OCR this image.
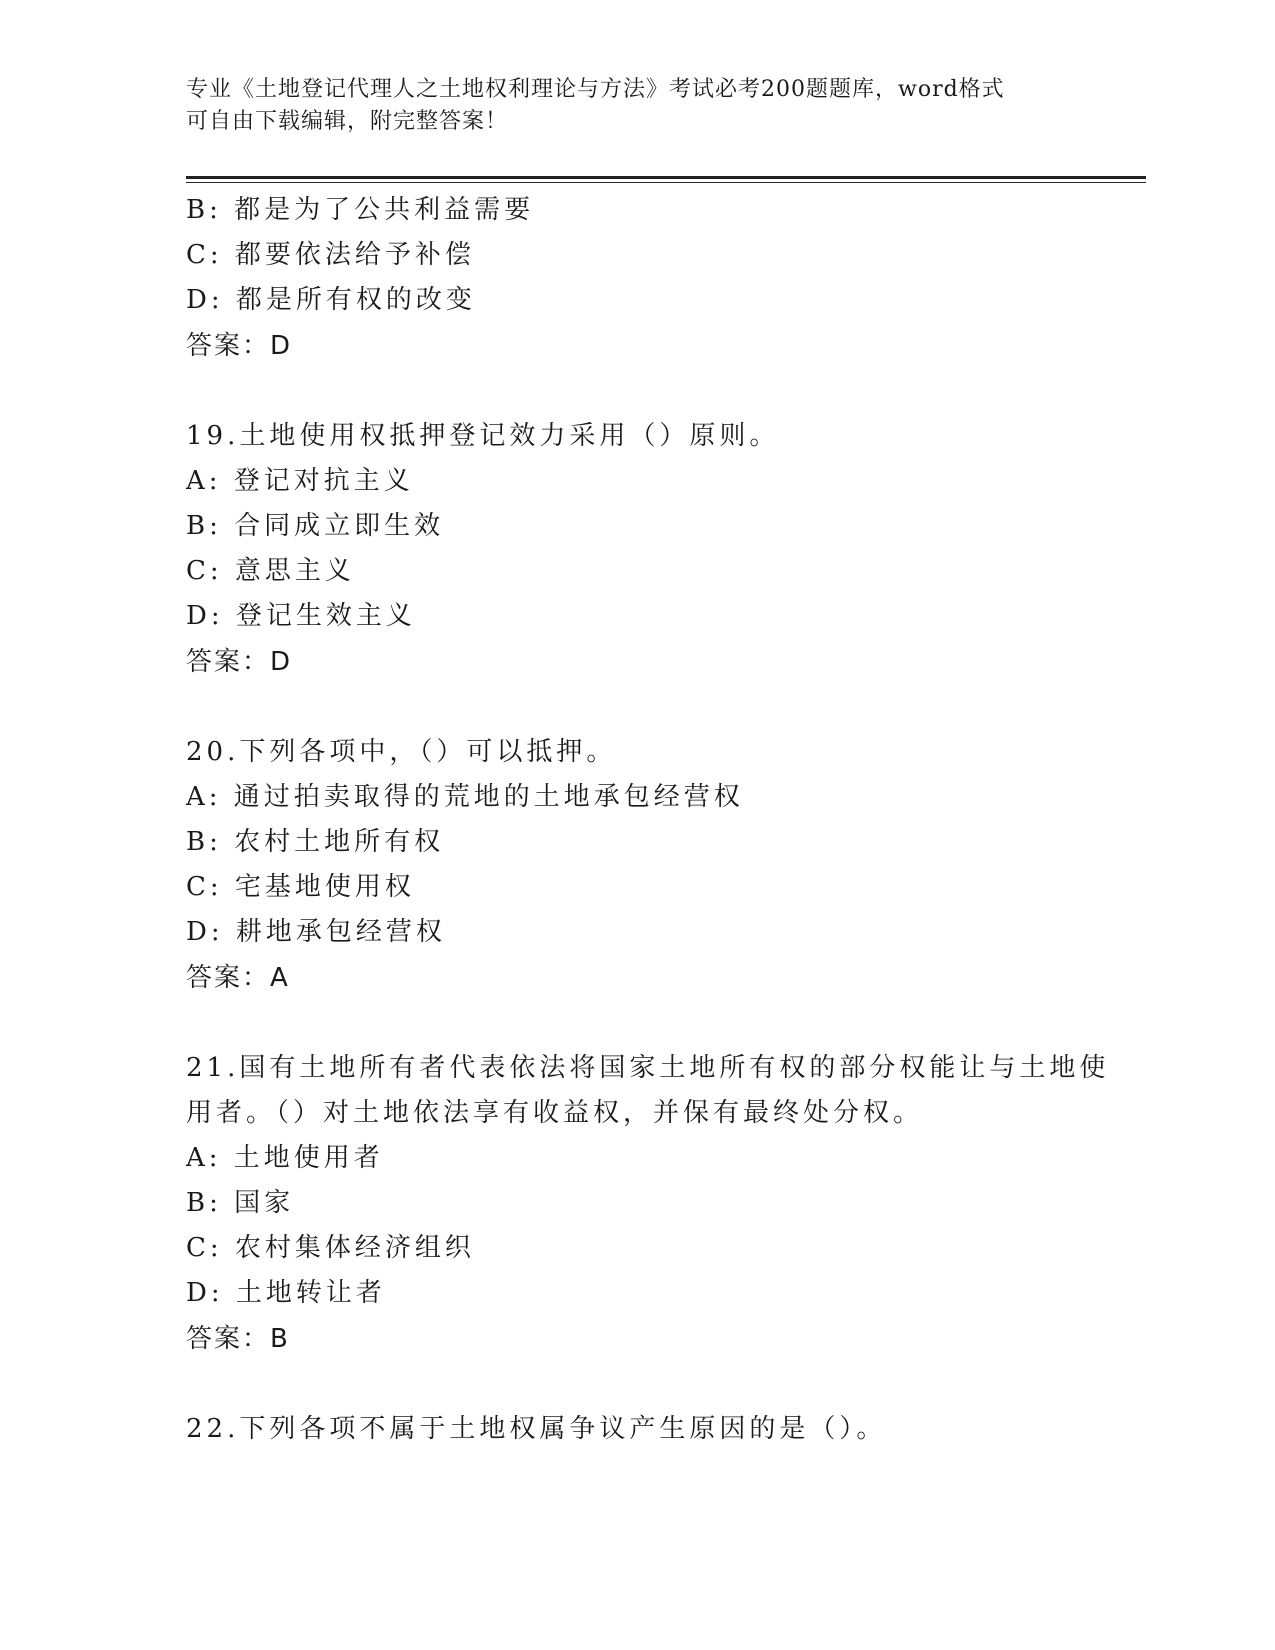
专业《土地登记代理人之土地权利理论与方法》考试必考200题题库，word格式
可自由下载编辑，附完整答案！
B: 都是为了公共利益需要
C: 都要依法给予补偿
D: 都是所有权的改变
答案：D
19.土地使用权抵押登记效力采用（）原则。
A: 登记对抗主义
B: 合同成立即生效
C: 意思主义
D: 登记生效主义
答案：D
20.下列各项中，（）可以抵押。
A: 通过拍卖取得的荒地的土地承包经营权
B: 农村土地所有权
C: 宅基地使用权
D: 耕地承包经营权
答案：A
21.国有土地所有者代表依法将国家土地所有权的部分权能让与土地使
用者。（）对土地依法享有收益权，并保有最终处分权。
A: 土地使用者
B: 国家
C: 农村集体经济组织
D: 土地转让者
答案：B
22.下列各项不属于土地权属争议产生原因的是（）。
